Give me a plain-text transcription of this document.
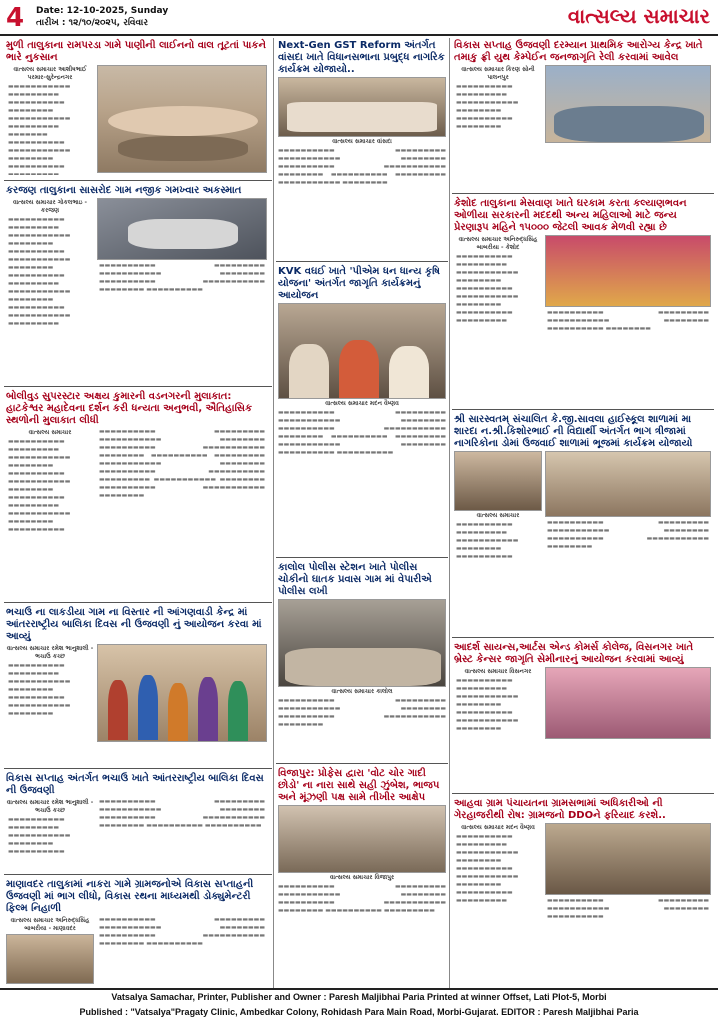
4 Date: 12-10-2025, Sunday
તારીખ : ૧૨/૧૦/૨૦૨૫, રવિવાર	વાત્સલ્ય સમાચાર
મુળી તાલુકાના રામપરડા ગામે પાણીની લાઈનનો વાલ તૂટતાં પાકને ભારે નુકસાન
વાત્સલ્ય સમાચાર આશીષભાઈ પરમાર-સુરેન્દ્રનગર
▬▬▬▬▬▬▬▬▬▬▬ ▬▬▬▬▬▬▬▬▬ ▬▬▬▬▬▬▬▬▬▬ ▬▬▬▬▬▬▬▬ ▬▬▬▬▬▬▬▬▬▬▬ ▬▬▬▬▬▬▬▬▬ ▬▬▬▬▬▬▬ ▬▬▬▬▬▬▬▬▬▬ ▬▬▬▬▬▬▬▬▬▬▬ ▬▬▬▬▬▬▬▬ ▬▬▬▬▬▬▬▬▬▬ ▬▬▬▬▬▬▬▬▬
કરજણ તાલુકાના સાસરોદ ગામ નજીક ગમખ્વાર અકસ્માત
વાત્સલ્ય સમાચાર ગોકલભાઇ - કરજણ
▬▬▬▬▬▬▬▬▬▬ ▬▬▬▬▬▬▬▬▬ ▬▬▬▬▬▬▬▬▬▬▬ ▬▬▬▬▬▬▬▬ ▬▬▬▬▬▬▬▬▬▬ ▬▬▬▬▬▬▬▬▬▬▬ ▬▬▬▬▬▬▬▬ ▬▬▬▬▬▬▬▬▬▬ ▬▬▬▬▬▬▬▬▬ ▬▬▬▬▬▬▬▬▬▬▬ ▬▬▬▬▬▬▬▬ ▬▬▬▬▬▬▬▬▬▬ ▬▬▬▬▬▬▬▬▬▬▬ ▬▬▬▬▬▬▬▬▬
▬▬▬▬▬▬▬▬▬▬ ▬▬▬▬▬▬▬▬▬ ▬▬▬▬▬▬▬▬▬▬▬ ▬▬▬▬▬▬▬▬ ▬▬▬▬▬▬▬▬▬▬ ▬▬▬▬▬▬▬▬▬▬▬ ▬▬▬▬▬▬▬▬ ▬▬▬▬▬▬▬▬▬▬
બોલીવુડ સુપરસ્ટાર અક્ષય કુમારની વડનગરની મુલાકાત: હાટકેશ્વર મહાદેવના દર્શન કરી ધન્યતા અનુભવી, ઐતિહાસિક સ્થળોની મુલાકાત લીધી
વાત્સલ્ય સમાચાર
▬▬▬▬▬▬▬▬▬▬ ▬▬▬▬▬▬▬▬▬ ▬▬▬▬▬▬▬▬▬▬▬ ▬▬▬▬▬▬▬▬ ▬▬▬▬▬▬▬▬▬▬ ▬▬▬▬▬▬▬▬▬▬▬ ▬▬▬▬▬▬▬▬ ▬▬▬▬▬▬▬▬▬▬ ▬▬▬▬▬▬▬▬▬ ▬▬▬▬▬▬▬▬▬▬▬ ▬▬▬▬▬▬▬▬ ▬▬▬▬▬▬▬▬▬▬
▬▬▬▬▬▬▬▬▬▬ ▬▬▬▬▬▬▬▬▬ ▬▬▬▬▬▬▬▬▬▬▬ ▬▬▬▬▬▬▬▬ ▬▬▬▬▬▬▬▬▬▬ ▬▬▬▬▬▬▬▬▬▬▬ ▬▬▬▬▬▬▬▬ ▬▬▬▬▬▬▬▬▬▬ ▬▬▬▬▬▬▬▬▬ ▬▬▬▬▬▬▬▬▬▬▬ ▬▬▬▬▬▬▬▬ ▬▬▬▬▬▬▬▬▬▬ ▬▬▬▬▬▬▬▬▬▬ ▬▬▬▬▬▬▬▬▬ ▬▬▬▬▬▬▬▬▬▬▬ ▬▬▬▬▬▬▬▬ ▬▬▬▬▬▬▬▬▬▬ ▬▬▬▬▬▬▬▬▬▬▬ ▬▬▬▬▬▬▬▬
ભચાઉ ના લાકડીયા ગામ ના વિસ્તાર ની આંગણવાડી કેન્દ્ર માં આંતરરાષ્ટ્રીય બાલિકા દિવસ ની ઉજવણી નું આયોજન કરવા માં આવ્યું
વાત્સલ્ય સમાચાર રમેશ ભાનુશાલી - ભચાઉ કચ્છ
▬▬▬▬▬▬▬▬▬▬ ▬▬▬▬▬▬▬▬▬ ▬▬▬▬▬▬▬▬▬▬▬ ▬▬▬▬▬▬▬▬ ▬▬▬▬▬▬▬▬▬▬ ▬▬▬▬▬▬▬▬▬▬▬ ▬▬▬▬▬▬▬▬
વિકાસ સપ્તાહ અંતર્ગત ભચાઉ ખાતે આંતરરાષ્ટ્રીય બાલિકા દિવસ ની ઉજવણી
વાત્સલ્ય સમાચાર રમેશ ભાનુશાલી - ભચાઉ કચ્છ
▬▬▬▬▬▬▬▬▬▬ ▬▬▬▬▬▬▬▬▬ ▬▬▬▬▬▬▬▬▬▬▬ ▬▬▬▬▬▬▬▬ ▬▬▬▬▬▬▬▬▬▬
▬▬▬▬▬▬▬▬▬▬ ▬▬▬▬▬▬▬▬▬ ▬▬▬▬▬▬▬▬▬▬▬ ▬▬▬▬▬▬▬▬ ▬▬▬▬▬▬▬▬▬▬ ▬▬▬▬▬▬▬▬▬▬▬ ▬▬▬▬▬▬▬▬ ▬▬▬▬▬▬▬▬▬▬ ▬▬▬▬▬▬▬▬▬▬
માણાવદર તાલુકામાં નાકરા ગામે ગ્રામજનોએ વિકાસ સપ્તાહની ઉજવણી માં ભાગ લીધો, વિકાસ રથના માધ્યમથી ડોક્યુમેન્ટરી ફિલ્મ નિહાળી
વાત્સલ્ય સમાચાર અનિરુદ્ધસિંહ બાબરીયા - માણાવદર
▬▬▬▬▬▬▬▬▬▬ ▬▬▬▬▬▬▬▬▬ ▬▬▬▬▬▬▬▬▬▬▬ ▬▬▬▬▬▬▬▬ ▬▬▬▬▬▬▬▬▬▬ ▬▬▬▬▬▬▬▬▬▬▬ ▬▬▬▬▬▬▬▬ ▬▬▬▬▬▬▬▬▬▬
Next-Gen GST Reform અંતર્ગત વાંસદા ખાતે વિધાનસભાના પ્રબુદ્ધ નાગરિક કાર્યક્રમ યોજાયો..
વાત્સલ્ય સમાચાર વાંસદા
▬▬▬▬▬▬▬▬▬▬ ▬▬▬▬▬▬▬▬▬ ▬▬▬▬▬▬▬▬▬▬▬ ▬▬▬▬▬▬▬▬ ▬▬▬▬▬▬▬▬▬▬ ▬▬▬▬▬▬▬▬▬▬▬ ▬▬▬▬▬▬▬▬ ▬▬▬▬▬▬▬▬▬▬ ▬▬▬▬▬▬▬▬▬ ▬▬▬▬▬▬▬▬▬▬▬ ▬▬▬▬▬▬▬▬
KVK વઘઈ ખાતે 'પીએમ ધન ધાન્ય કૃષિ યોજના' અંતર્ગત જાગૃતિ કાર્યક્રમનું આયોજન
વાત્સલ્ય સમાચાર મદન વૈષ્ણવ
▬▬▬▬▬▬▬▬▬▬ ▬▬▬▬▬▬▬▬▬ ▬▬▬▬▬▬▬▬▬▬▬ ▬▬▬▬▬▬▬▬ ▬▬▬▬▬▬▬▬▬▬ ▬▬▬▬▬▬▬▬▬▬▬ ▬▬▬▬▬▬▬▬ ▬▬▬▬▬▬▬▬▬▬ ▬▬▬▬▬▬▬▬▬ ▬▬▬▬▬▬▬▬▬▬▬ ▬▬▬▬▬▬▬▬ ▬▬▬▬▬▬▬▬▬▬ ▬▬▬▬▬▬▬▬▬▬
કાલોલ પોલીસ સ્ટેશન ખાતે પોલીસ ચોકીનો ઘાતક પ્રવાસ ગામ માં વેપારીએ પોલીસ લખી
વાત્સલ્ય સમાચાર કાલોલ
▬▬▬▬▬▬▬▬▬▬ ▬▬▬▬▬▬▬▬▬ ▬▬▬▬▬▬▬▬▬▬▬ ▬▬▬▬▬▬▬▬ ▬▬▬▬▬▬▬▬▬▬ ▬▬▬▬▬▬▬▬▬▬▬ ▬▬▬▬▬▬▬▬
વિજાપુર: પ્રોફેસ દ્વારા 'વોટ ચોર ગાદી છોડો' ના નારા સાથે સહી ઝુંબેશ, ભાજપ અને મૂંઝણી પક્ષ સામે તીખીર આક્ષેપ
વાત્સલ્ય સમાચાર વિજાપુર
▬▬▬▬▬▬▬▬▬▬ ▬▬▬▬▬▬▬▬▬ ▬▬▬▬▬▬▬▬▬▬▬ ▬▬▬▬▬▬▬▬ ▬▬▬▬▬▬▬▬▬▬ ▬▬▬▬▬▬▬▬▬▬▬ ▬▬▬▬▬▬▬▬ ▬▬▬▬▬▬▬▬▬▬ ▬▬▬▬▬▬▬▬▬
વિકાસ સપ્તાહ ઉજવણી દરમ્યાન પ્રાથમિક આરોગ્ય કેન્દ્ર ખાતે તમાકુ ફ્રી યુથ કેમ્પેઈન જનજાગૃતિ રેલી કરવામાં આવેલ
વાત્સલ્ય સમાચાર કિરણ સોની પાલનપુર
▬▬▬▬▬▬▬▬▬▬ ▬▬▬▬▬▬▬▬▬ ▬▬▬▬▬▬▬▬▬▬▬ ▬▬▬▬▬▬▬▬ ▬▬▬▬▬▬▬▬▬▬ ▬▬▬▬▬▬▬▬
કેશોદ તાલુકાના મેસવાણ ખાતે ઘરકામ કરતા કલ્યાણભવન ઓળીયા સરકારની મદદથી અન્ય મહિલાઓ માટે જન્ય પ્રેરણારૂપ મહિને ૧૫૦૦૦ જેટલી આવક મેળવી રહ્યા છે
વાત્સલ્ય સમાચાર અનિરુદ્ધસિંહ બાબરીયા - કેશોદ
▬▬▬▬▬▬▬▬▬▬ ▬▬▬▬▬▬▬▬▬ ▬▬▬▬▬▬▬▬▬▬▬ ▬▬▬▬▬▬▬▬ ▬▬▬▬▬▬▬▬▬▬ ▬▬▬▬▬▬▬▬▬▬▬ ▬▬▬▬▬▬▬▬ ▬▬▬▬▬▬▬▬▬▬ ▬▬▬▬▬▬▬▬▬
▬▬▬▬▬▬▬▬▬▬ ▬▬▬▬▬▬▬▬▬ ▬▬▬▬▬▬▬▬▬▬▬ ▬▬▬▬▬▬▬▬ ▬▬▬▬▬▬▬▬▬▬ ▬▬▬▬▬▬▬▬
શ્રી સારસ્વતમ્ સંચાલિત કે.જી.સાવલા હાઈસ્કૂલ શાળામાં મા શારદા ન.શ્રી.કિશોરભાઈ ની વિદ્યાર્થી અંતર્ગત ભાગ ત્રીજામાં નાગરિકોના ડોમાં ઉજવાઈ શાળામાં ભૂજમાં કાર્યક્રમ યોજાયો
વાત્સલ્ય સમાચાર
▬▬▬▬▬▬▬▬▬▬ ▬▬▬▬▬▬▬▬▬ ▬▬▬▬▬▬▬▬▬▬▬ ▬▬▬▬▬▬▬▬ ▬▬▬▬▬▬▬▬▬▬
▬▬▬▬▬▬▬▬▬▬ ▬▬▬▬▬▬▬▬▬ ▬▬▬▬▬▬▬▬▬▬▬ ▬▬▬▬▬▬▬▬ ▬▬▬▬▬▬▬▬▬▬ ▬▬▬▬▬▬▬▬▬▬▬ ▬▬▬▬▬▬▬▬
આદર્શ સાયન્સ,આર્ટસ એન્ડ કોમર્સ કોલેજ, વિસનગર ખાતે બ્રેસ્ટ કેન્સર જાગૃતિ સેમીનારનું આયોજન કરવામાં આવ્યું
વાત્સલ્ય સમાચાર વિસનગર
▬▬▬▬▬▬▬▬▬▬ ▬▬▬▬▬▬▬▬▬ ▬▬▬▬▬▬▬▬▬▬▬ ▬▬▬▬▬▬▬▬ ▬▬▬▬▬▬▬▬▬▬ ▬▬▬▬▬▬▬▬▬▬▬ ▬▬▬▬▬▬▬▬
આહવા ગ્રામ પંચાયતના ગ્રામસભામાં અધિકારીઓ ની ગેરહાજરીથી રોષ: ગ્રામજનો DDOને ફરિયાદ કરશે..
વાત્સલ્ય સમાચાર મદન વૈષ્ણવ
▬▬▬▬▬▬▬▬▬▬ ▬▬▬▬▬▬▬▬▬ ▬▬▬▬▬▬▬▬▬▬▬ ▬▬▬▬▬▬▬▬ ▬▬▬▬▬▬▬▬▬▬ ▬▬▬▬▬▬▬▬▬▬▬ ▬▬▬▬▬▬▬▬ ▬▬▬▬▬▬▬▬▬▬ ▬▬▬▬▬▬▬▬▬	▬▬▬▬▬▬▬▬▬▬ ▬▬▬▬▬▬▬▬▬ ▬▬▬▬▬▬▬▬▬▬▬ ▬▬▬▬▬▬▬▬ ▬▬▬▬▬▬▬▬▬▬
Vatsalya Samachar, Printer, Publisher and Owner : Paresh Maljibhai Paria Printed at winner Offset, Lati Plot-5, Morbi
Published : "Vatsalya"Pragaty Clinic, Ambedkar Colony, Rohidash Para Main Road, Morbi-Gujarat. EDITOR : Paresh Maljibhai Paria
